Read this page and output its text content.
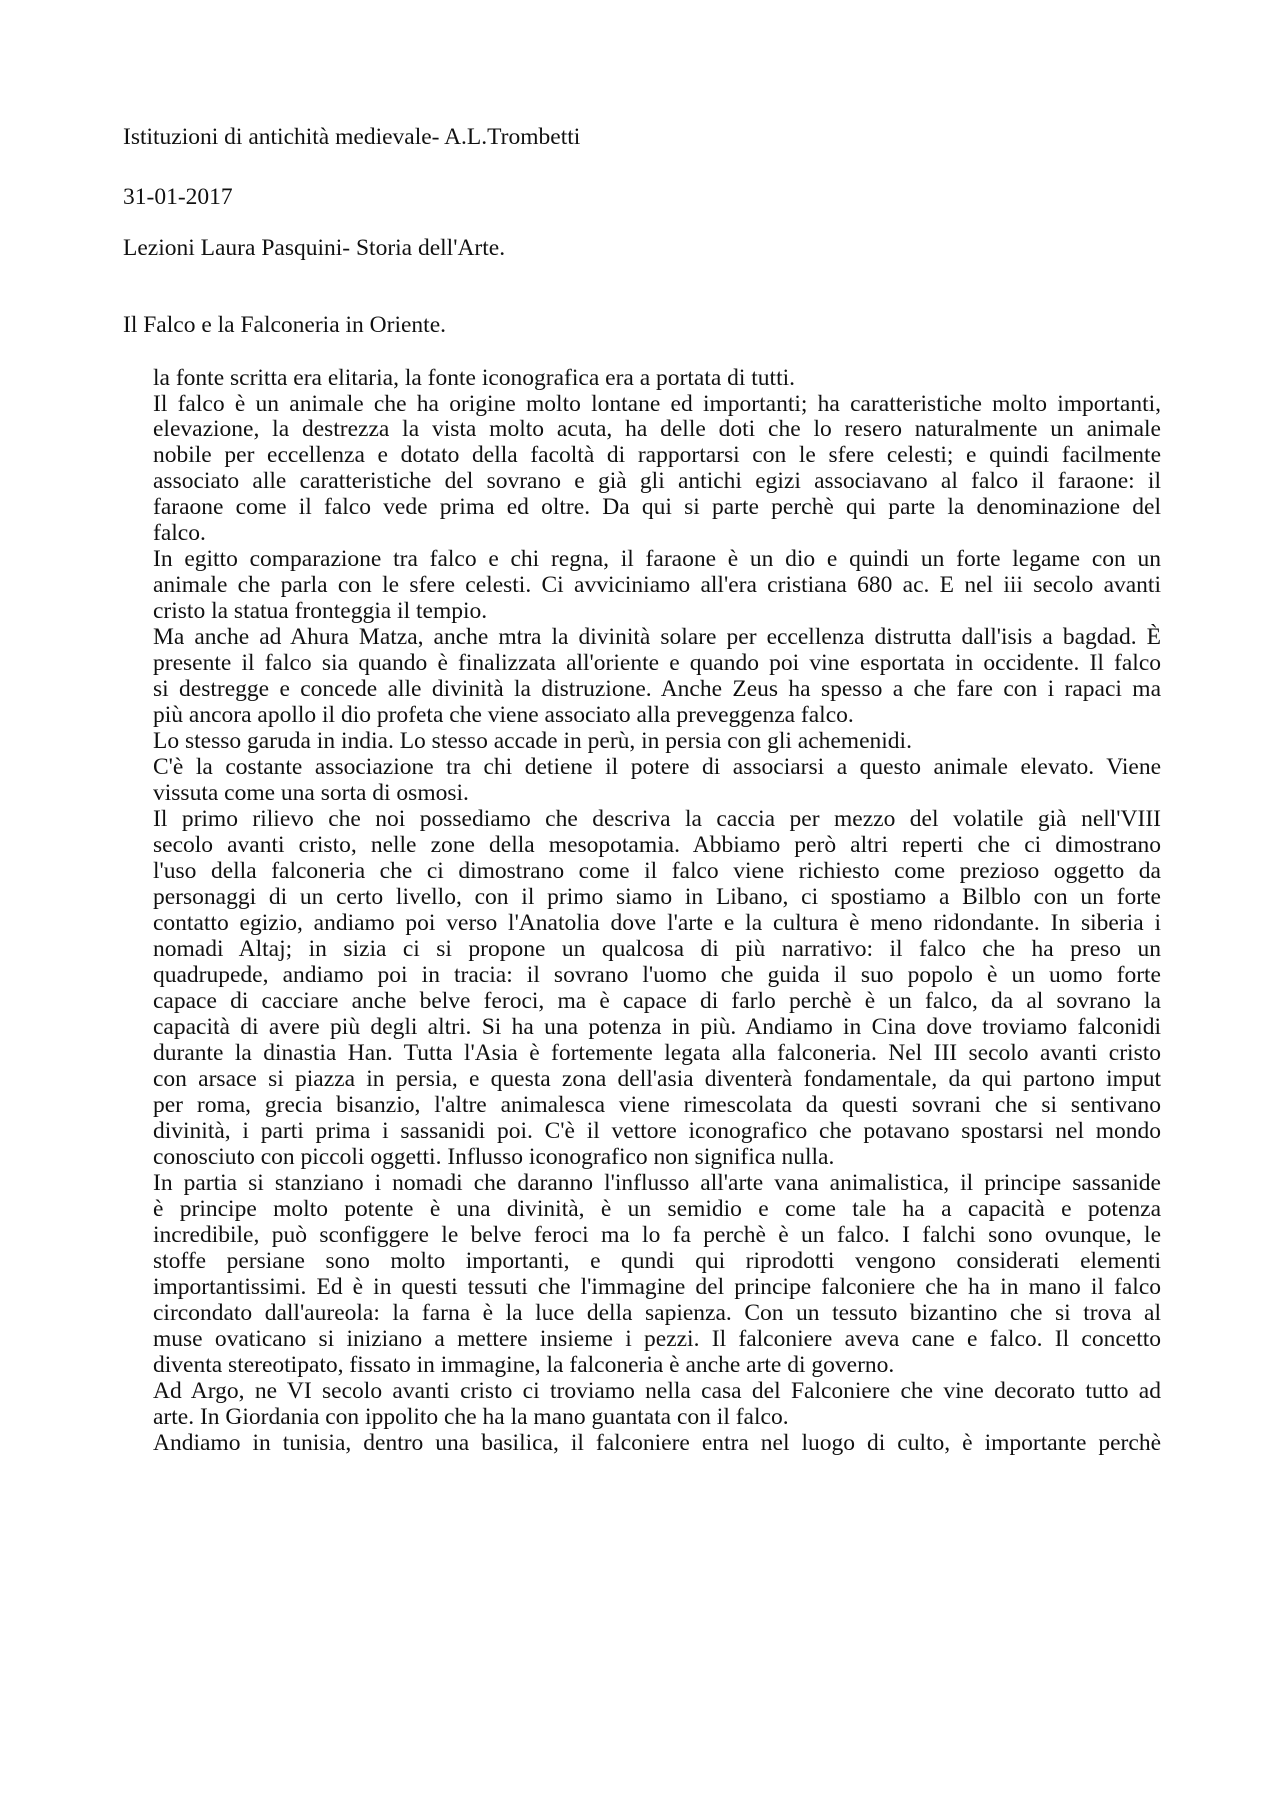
Istituzioni di antichità medievale- A.L.Trombetti

31-01-2017

Lezioni Laura Pasquini- Storia dell'Arte.

Il Falco e la Falconeria in Oriente.

la fonte scritta era elitaria, la fonte iconografica era a portata di tutti.

Il falco è un animale che ha origine molto lontane ed importanti; ha caratteristiche molto importanti,

elevazione, la destrezza la vista molto acuta, ha delle doti che lo resero naturalmente un animale

nobile per eccellenza e dotato della facoltà di rapportarsi con le sfere celesti; e quindi facilmente

associato alle caratteristiche del sovrano e già gli antichi egizi associavano al falco il faraone: il

faraone come il falco vede prima ed oltre. Da qui si parte perchè qui parte la denominazione del

falco.

In egitto comparazione tra falco e chi regna, il faraone è un dio e quindi un forte legame con un

animale che parla con le sfere celesti. Ci avviciniamo all'era cristiana 680 ac. E nel iii secolo avanti

cristo la statua fronteggia il tempio.

Ma anche ad Ahura Matza, anche mtra la divinità solare per eccellenza distrutta dall'isis a bagdad. È

presente il falco sia quando è finalizzata all'oriente e quando poi vine esportata in occidente. Il falco

si destregge e concede alle divinità la distruzione. Anche Zeus ha spesso a che fare con i rapaci ma

più ancora apollo il dio profeta che viene associato alla preveggenza falco.

Lo stesso garuda in india. Lo stesso accade in perù, in persia con gli achemenidi.

C'è la costante associazione tra chi detiene il potere di associarsi a questo animale elevato. Viene

vissuta come una sorta di osmosi.

Il primo rilievo che noi possediamo che descriva la caccia per mezzo del volatile già nell'VIII

secolo avanti cristo, nelle zone della mesopotamia. Abbiamo però altri reperti che ci dimostrano

l'uso della falconeria che ci dimostrano come il falco viene richiesto come prezioso oggetto da

personaggi di un certo livello, con il primo siamo in Libano, ci spostiamo a Bilblo con un forte

contatto egizio, andiamo poi verso l'Anatolia dove l'arte e la cultura è meno ridondante. In siberia i

nomadi Altaj; in sizia ci si propone un qualcosa di più narrativo: il falco che ha preso un

quadrupede, andiamo poi in tracia: il sovrano l'uomo che guida il suo popolo è un uomo forte

capace di cacciare anche belve feroci, ma è capace di farlo perchè è un falco, da al sovrano la

capacità di avere più degli altri. Si ha una potenza in più. Andiamo in Cina dove troviamo falconidi

durante la dinastia Han. Tutta l'Asia è fortemente legata alla falconeria. Nel III secolo avanti cristo

con arsace si piazza in persia, e questa zona dell'asia diventerà fondamentale, da qui partono imput

per roma, grecia bisanzio, l'altre animalesca viene rimescolata da questi sovrani che si sentivano

divinità, i parti prima i sassanidi poi. C'è il vettore iconografico che potavano spostarsi nel mondo

conosciuto con piccoli oggetti. Influsso iconografico non significa nulla.

In partia si stanziano i nomadi che daranno l'influsso all'arte vana animalistica, il principe sassanide

è principe molto potente è una divinità, è un semidio e come tale ha a capacità e potenza

incredibile, può sconfiggere le belve feroci ma lo fa perchè è un falco. I falchi sono ovunque, le

stoffe persiane sono molto importanti, e qundi qui riprodotti vengono considerati elementi

importantissimi. Ed è in questi tessuti che l'immagine del principe falconiere che ha in mano il falco

circondato dall'aureola: la farna è la luce della sapienza. Con un tessuto bizantino che si trova al

muse ovaticano si iniziano a mettere insieme i pezzi. Il falconiere aveva cane e falco. Il concetto

diventa stereotipato, fissato in immagine, la falconeria è anche arte di governo.

Ad Argo, ne VI secolo avanti cristo ci troviamo nella casa del Falconiere che vine decorato tutto ad

arte. In Giordania con ippolito che ha la mano guantata con il falco.

Andiamo in tunisia, dentro una basilica, il falconiere entra nel luogo di culto, è importante perchè
